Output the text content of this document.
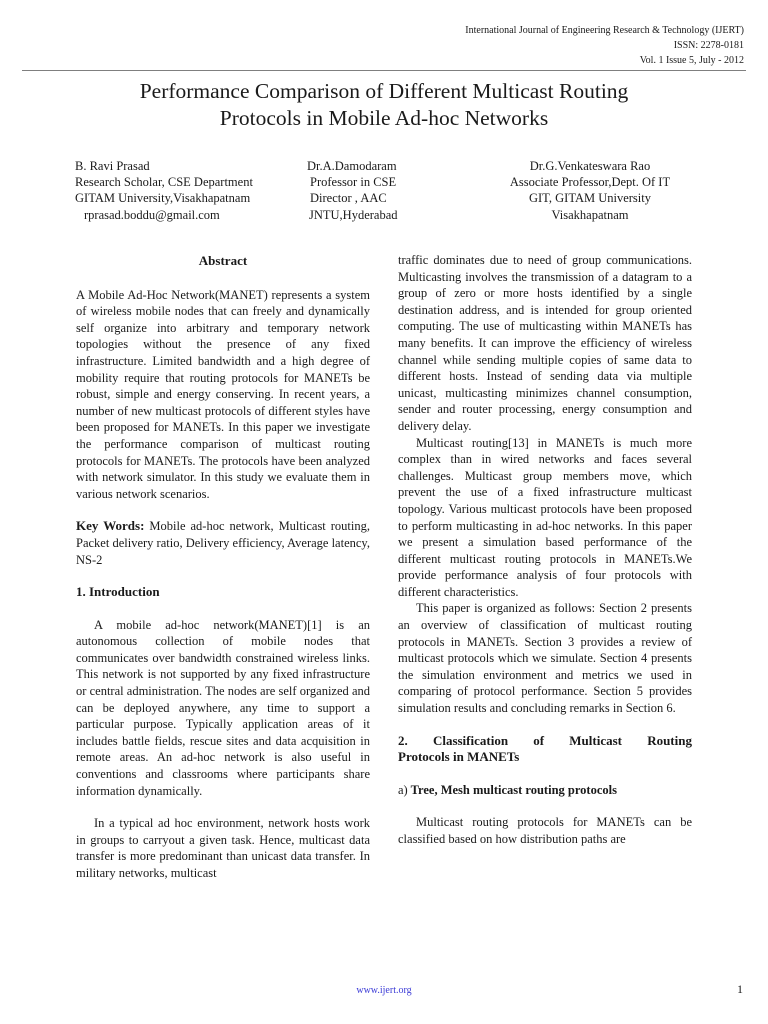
International Journal of Engineering Research & Technology (IJERT)
ISSN: 2278-0181
Vol. 1 Issue 5, July - 2012
Performance Comparison of Different Multicast Routing
Protocols in Mobile Ad-hoc Networks
B. Ravi Prasad
Research Scholar, CSE Department
GITAM University,Visakhapatnam
rprasad.boddu@gmail.com
Dr.A.Damodaram
Professor in CSE
Director , AAC
JNTU,Hyderabad
Dr.G.Venkateswara Rao
Associate Professor,Dept. Of IT
GIT, GITAM University
Visakhapatnam

Abstract

A Mobile Ad-Hoc Network(MANET) represents a system of wireless mobile nodes that can freely and dynamically self organize into arbitrary and temporary network topologies without the presence of any fixed infrastructure. Limited bandwidth and a high degree of mobility require that routing protocols for MANETs be robust, simple and energy conserving. In recent years, a number of new multicast protocols of different styles have been proposed for MANETs. In this paper we investigate the performance comparison of multicast routing protocols for MANETs. The protocols have been analyzed with network simulator. In this study we evaluate them in various network scenarios.

Key Words: Mobile ad-hoc network, Multicast routing, Packet delivery ratio, Delivery efficiency, Average latency, NS-2

1. Introduction

A mobile ad-hoc network(MANET)[1] is an autonomous collection of mobile nodes that communicates over bandwidth constrained wireless links. This network is not supported by any fixed infrastructure or central administration. The nodes are self organized and can be deployed anywhere, any time to support a particular purpose. Typically application areas of it includes battle fields, rescue sites and data acquisition in remote areas. An ad-hoc network is also useful in conventions and classrooms where participants share information dynamically.

In a typical ad hoc environment, network hosts work in groups to carryout a given task. Hence, multicast data transfer is more predominant than unicast data transfer. In military networks, multicast

traffic dominates due to need of group communications. Multicasting involves the transmission of a datagram to a group of zero or more hosts identified by a single destination address, and is intended for group oriented computing. The use of multicasting within MANETs has many benefits. It can improve the efficiency of wireless channel while sending multiple copies of same data to different hosts. Instead of sending data via multiple unicast, multicasting minimizes channel consumption, sender and router processing, energy consumption and delivery delay.

Multicast routing[13] in MANETs is much more complex than in wired networks and faces several challenges. Multicast group members move, which prevent the use of a fixed infrastructure multicast topology. Various multicast protocols have been proposed to perform multicasting in ad-hoc networks. In this paper we present a simulation based performance of the different multicast routing protocols in MANETs.We provide performance analysis of four protocols with different characteristics.

This paper is organized as follows: Section 2 presents an overview of classification of multicast routing protocols in MANETs. Section 3 provides a review of multicast protocols which we simulate. Section 4 presents the simulation environment and metrics we used in comparing of protocol performance. Section 5 provides simulation results and concluding remarks in Section 6.

2. Classification of Multicast Routing

Protocols in MANETs

a) Tree, Mesh multicast routing protocols

Multicast routing protocols for MANETs can be classified based on how distribution paths are

www.ijert.org	1
